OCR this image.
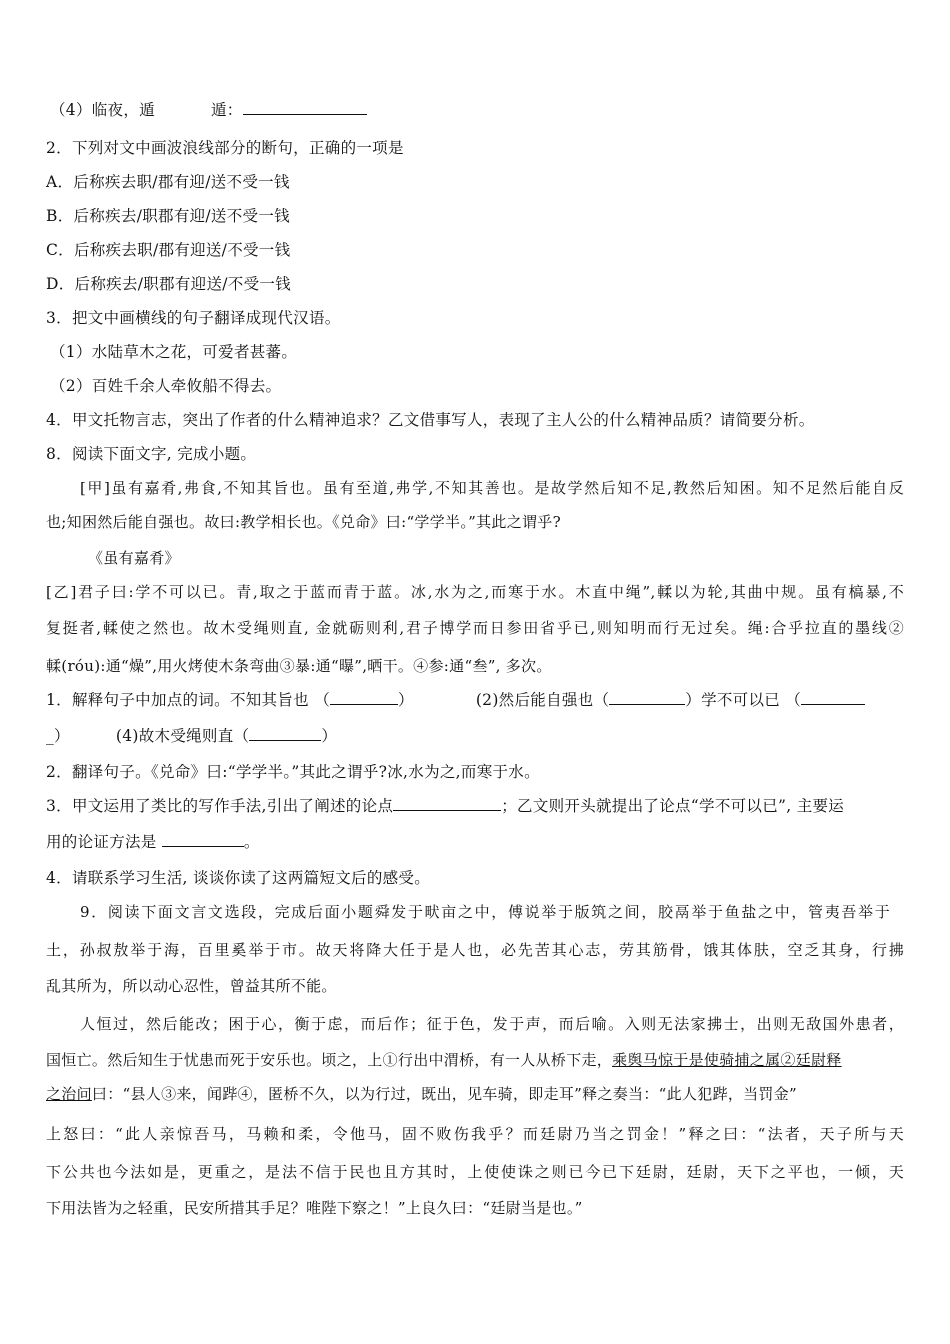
（4）临夜，遁	遁：
2．下列对文中画波浪线部分的断句，正确的一项是
A．后称疾去职/郡有迎/送不受一钱
B．后称疾去/职郡有迎/送不受一钱
C．后称疾去职/郡有迎送/不受一钱
D．后称疾去/职郡有迎送/不受一钱
3．把文中画横线的句子翻译成现代汉语。
（1）水陆草木之花，可爱者甚蕃。
（2）百姓千余人牵攸船不得去。
4．甲文托物言志，突出了作者的什么精神追求？乙文借事写人，表现了主人公的什么精神品质？请简要分析。
8．阅读下面文字, 完成小题。
[甲]虽有嘉肴,弗食,不知其旨也。虽有至道,弗学,不知其善也。是故学然后知不足,教然后知困。知不足然后能自反
也;知困然后能自强也。故曰:教学相长也。《兑命》曰:“学学半。”其此之谓乎?
《虽有嘉肴》
[乙]君子曰:学不可以已。青,取之于蓝而青于蓝。冰,水为之,而寒于水。木直中绳”,輮以为轮,其曲中规。虽有槁暴,不
复挺者,輮使之然也。故木受绳则直, 金就砺则利,君子博学而日参田省乎已,则知明而行无过矣。绳:合乎拉直的墨线②
輮(róu):通“燥”,用火烤使木条弯曲③暴:通“曝”,晒干。④参:通“叁”, 多次。
1．解释句子中加点的词。不知其旨也 （	）	(2)然后能自强也（	）学不可以已 （
_）	(4)故木受绳则直（	）
2．翻译句子。《兑命》曰:“学学半。”其此之谓乎?冰,水为之,而寒于水。
3．甲文运用了类比的写作手法,引出了阐述的论点	；乙文则开头就提出了论点“学不可以已”, 主要运
用的论证方法是	。
4．请联系学习生活, 谈谈你读了这两篇短文后的感受。
9．阅读下面文言文选段，完成后面小题舜发于畎亩之中，傅说举于版筑之间，胶鬲举于鱼盐之中，管夷吾举于
土，孙叔敖举于海，百里奚举于市。故天将降大任于是人也，必先苦其心志，劳其筋骨，饿其体肤，空乏其身，行拂
乱其所为，所以动心忍性，曾益其所不能。
人恒过，然后能改；困于心，衡于虑，而后作；征于色，发于声，而后喻。入则无法家拂士，出则无敌国外患者，
国恒亡。然后知生于忧患而死于安乐也。顷之，上①行出中渭桥，有一人从桥下走，乘舆马惊于是使骑捕之属②廷尉释
之治问曰：“县人③来，闻跸④，匿桥不久，以为行过，既出，见车骑，即走耳”释之奏当：“此人犯跸，当罚金”
上怒曰：“此人亲惊吾马，马赖和柔，令他马，固不败伤我乎？而廷尉乃当之罚金！”释之曰：“法者，天子所与天
下公共也今法如是，更重之，是法不信于民也且方其时，上使使诛之则已今已下廷尉，廷尉，天下之平也，一倾，天
下用法皆为之轻重，民安所措其手足？唯陛下察之！”上良久曰：“廷尉当是也。”
